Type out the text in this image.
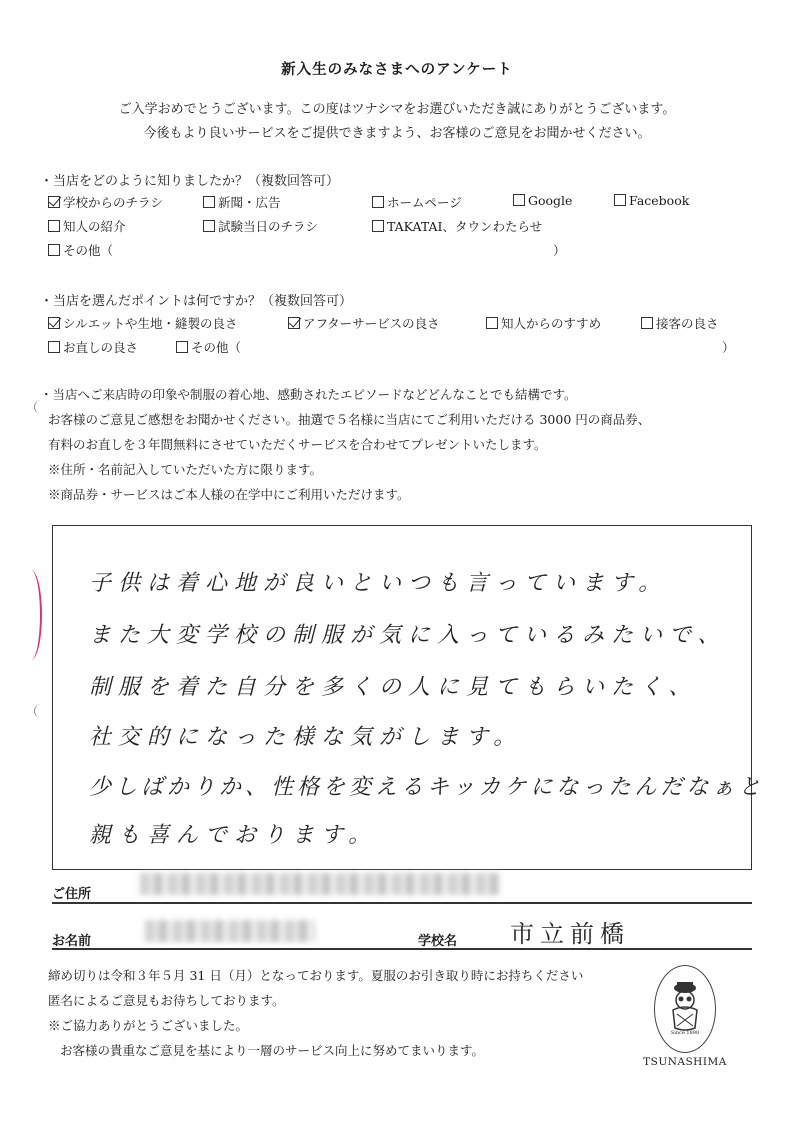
新入生のみなさまへのアンケート
ご入学おめでとうございます。この度はツナシマをお選びいただき誠にありがとうございます。
今後もより良いサービスをご提供できますよう、お客様のご意見をお聞かせください。
・当店をどのように知りましたか？（複数回答可）
学校からのチラシ	新聞・広告	ホームページ	Google	Facebook
知人の紹介	試験当日のチラシ	TAKATAI、タウンわたらせ
その他（	）
・当店を選んだポイントは何ですか？（複数回答可）
シルエットや生地・縫製の良さ	アフターサービスの良さ	知人からのすすめ	接客の良さ
お直しの良さ	その他（	）
・当店へご来店時の印象や制服の着心地、感動されたエピソードなどどんなことでも結構です。
お客様のご意見ご感想をお聞かせください。抽選で５名様に当店にてご利用いただける 3000 円の商品券、
有料のお直しを３年間無料にさせていただくサービスを合わせてプレゼントいたします。
※住所・名前記入していただいた方に限ります。
※商品券・サービスはご本人様の在学中にご利用いただけます。
子供は着心地が良いといつも言っています。
また大変学校の制服が気に入っているみたいで、
制服を着た自分を多くの人に見てもらいたく、
社交的になった様な気がします。
少しばかりか、性格を変えるキッカケになったんだなぁと
親も喜んでおります。
ご住所
お名前	学校名 市立前橋
締め切りは令和３年５月 31 日（月）となっております。夏服のお引き取り時にお持ちください
匿名によるご意見もお待ちしております。
※ご協力ありがとうございました。
お客様の貴重なご意見を基により一層のサービス向上に努めてまいります。
Since 1890
TSUNASHIMA
